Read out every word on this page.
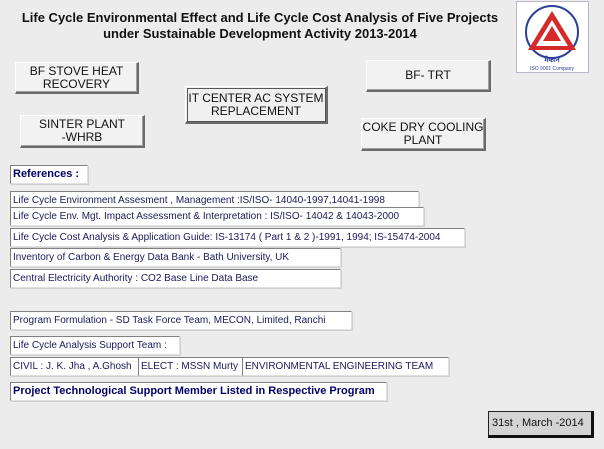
Life Cycle Environmental Effect and Life Cycle Cost Analysis of Five Projects
under Sustainable Development Activity 2013-2014
मेकान
ISO 9001 Company
BF STOVE HEAT
RECOVERY
IT CENTER AC SYSTEM
REPLACEMENT
BF- TRT
SINTER PLANT
-WHRB
COKE DRY COOLING
PLANT
References :
Life Cycle Environment Assesment , Management :IS/ISO- 14040-1997,14041-1998
Life Cycle Env. Mgt. Impact Assessment & Interpretation : IS/ISO- 14042 & 14043-2000
Life Cycle Cost Analysis & Application Guide: IS-13174 ( Part 1 & 2 )-1991, 1994; IS-15474-2004
Inventory of Carbon & Energy Data Bank - Bath University, UK
Central Electricity Authority : CO2 Base Line Data Base
Program Formulation - SD Task Force Team, MECON, Limited, Ranchi
Life Cycle Analysis Support Team :
CIVIL : J. K. Jha , A.Ghosh ELECT : MSSN Murty ENVIRONMENTAL ENGINEERING TEAM
Project Technological Support Member Listed in Respective Program
31st , March -2014
